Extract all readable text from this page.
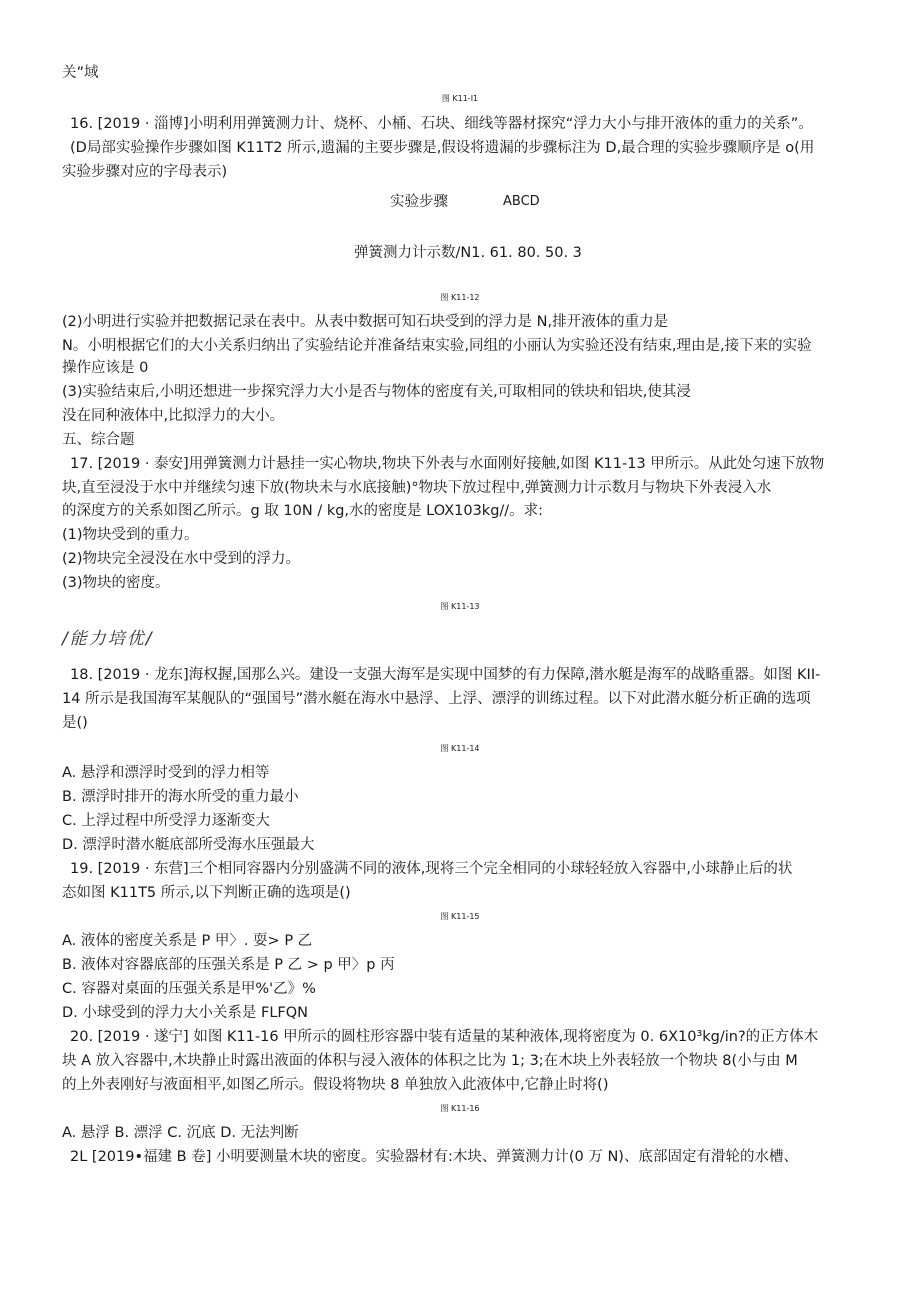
关”域
图 K11-I1
16. [2019 · 淄博]小明利用弹簧测力计、烧杯、小桶、石块、细线等器材探究“浮力大小与排开液体的重力的关系”。
(D局部实验操作步骤如图 K11T2 所示,遗漏的主要步骤是,假设将遗漏的步骤标注为 D,最合理的实验步骤顺序是 o(用
实验步骤对应的字母表示)
实验步骤	ABCD
弹簧测力计示数/N1. 61. 80. 50. 3
图 K11-12
(2)小明进行实验并把数据记录在表中。从表中数据可知石块受到的浮力是 N,排开液体的重力是
N。小明根据它们的大小关系归纳出了实验结论并准备结束实验,同组的小丽认为实验还没有结束,理由是,接下来的实验
操作应该是 0
(3)实验结束后,小明还想进一步探究浮力大小是否与物体的密度有关,可取相同的铁块和铝块,使其浸
没在同种液体中,比拟浮力的大小。
五、综合题
17. [2019 · 泰安]用弹簧测力计悬挂一实心物块,物块下外表与水面刚好接触,如图 K11-13 甲所示。从此处匀速下放物
块,直至浸没于水中并继续匀速下放(物块未与水底接触)°物块下放过程中,弹簧测力计示数月与物块下外表浸入水
的深度方的关系如图乙所示。g 取 10N / kg,水的密度是 LOX103kg//。求:
(1)物块受到的重力。
(2)物块完全浸没在水中受到的浮力。
(3)物块的密度。
图 K11-13
/能力培优/
18. [2019 · 龙东]海权握,国那么兴。建设一支强大海军是实现中国梦的有力保障,潜水艇是海军的战略重器。如图 KII-
14 所示是我国海军某舰队的“强国号”潜水艇在海水中悬浮、上浮、漂浮的训练过程。以下对此潜水艇分析正确的选项
是()
图 K11-14
A. 悬浮和漂浮时受到的浮力相等
B. 漂浮时排开的海水所受的重力最小
C. 上浮过程中所受浮力逐渐变大
D. 漂浮时潜水艇底部所受海水压强最大
19. [2019 · 东营]三个相同容器内分别盛满不同的液体,现将三个完全相同的小球轻轻放入容器中,小球静止后的状
态如图 K11T5 所示,以下判断正确的选项是()
图 K11-15
A. 液体的密度关系是 P 甲〉. 耍> P 乙
B. 液体对容器底部的压强关系是 P 乙 > p 甲〉p 丙
C. 容器对桌面的压强关系是甲%'乙》%
D. 小球受到的浮力大小关系是 FLFQN
20. [2019 · 遂宁] 如图 K11-16 甲所示的圆柱形容器中装有适量的某种液体,现将密度为 0. 6X10³kg/in?的正方体木
块 A 放入容器中,木块静止时露出液面的体积与浸入液体的体积之比为 1; 3;在木块上外表轻放一个物块 8(小与由 M
的上外表刚好与液面相平,如图乙所示。假设将物块 8 单独放入此液体中,它静止时将()
图 K11-16
A. 悬浮 B. 漂浮 C. 沉底 D. 无法判断
2L [2019•福建 B 卷] 小明要测量木块的密度。实验器材有:木块、弹簧测力计(0 万 N)、底部固定有滑轮的水槽、
